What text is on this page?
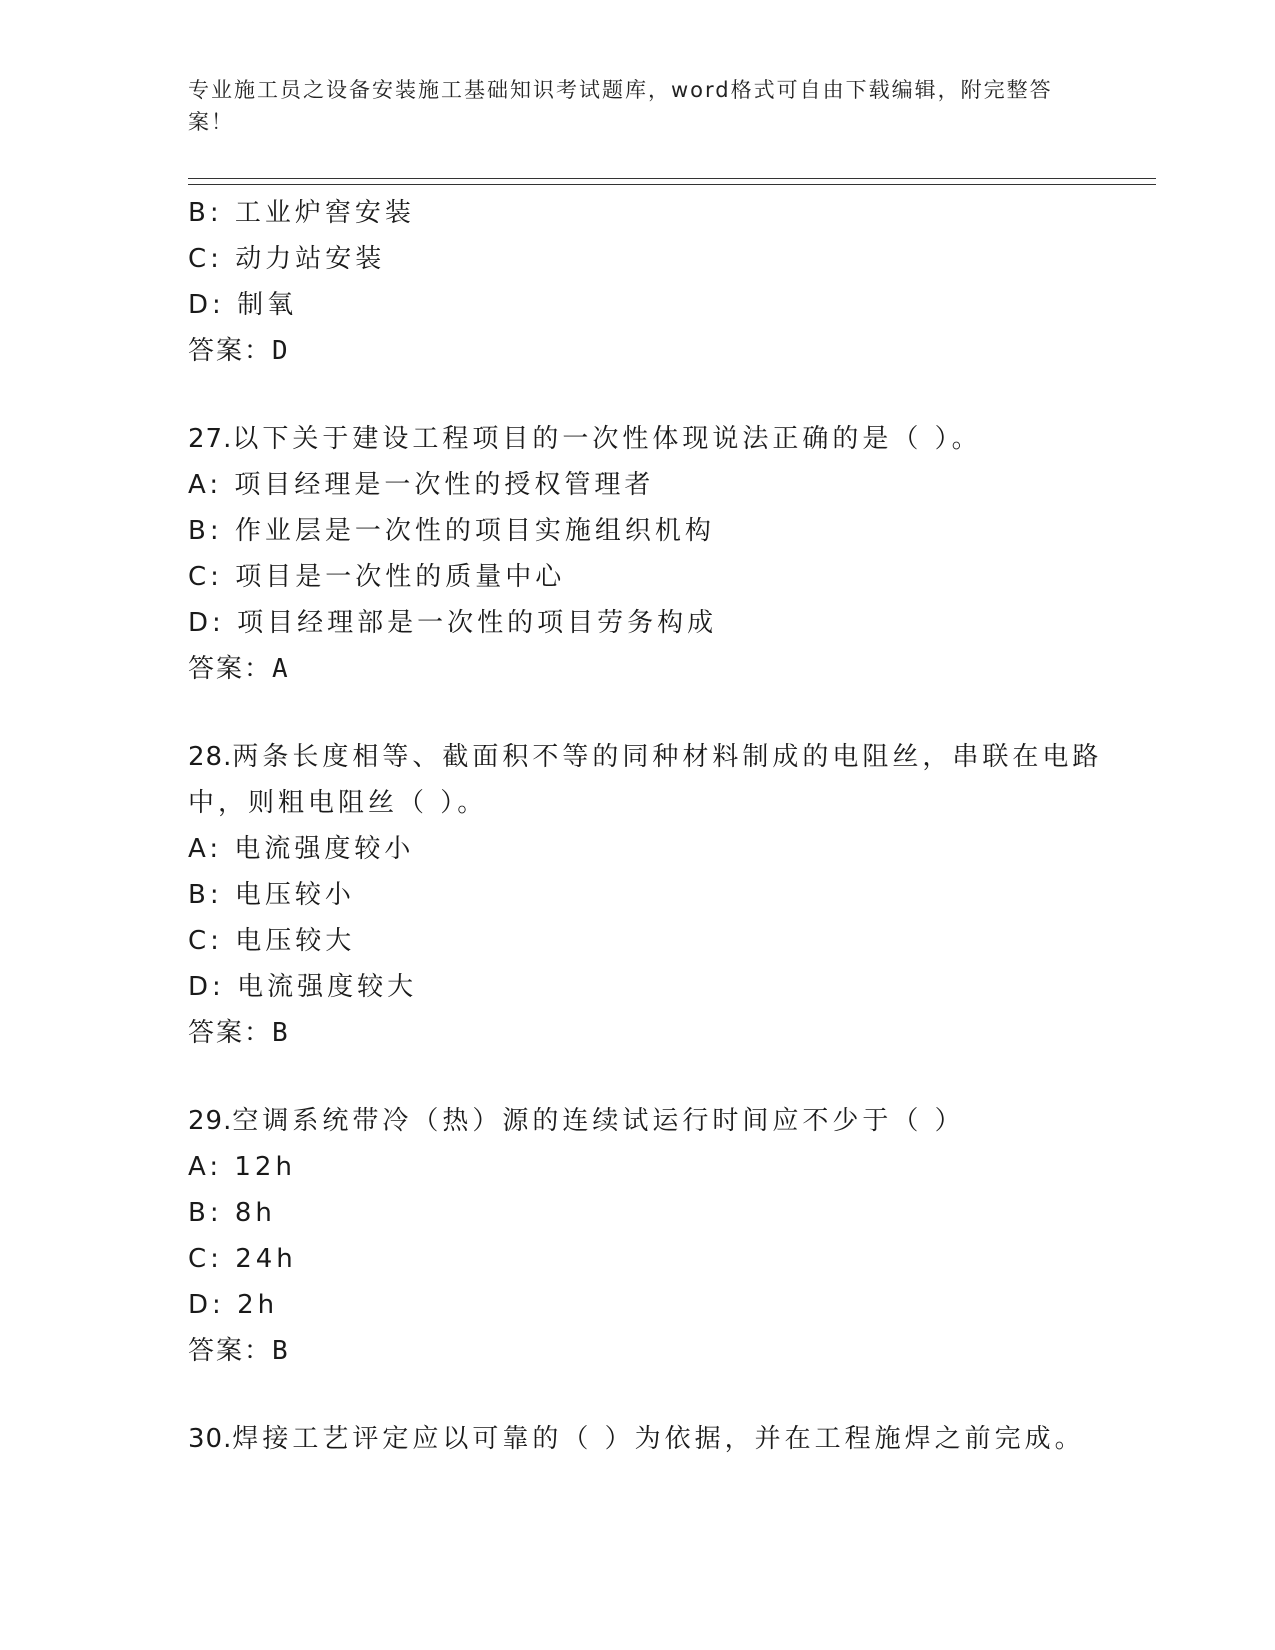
专业施工员之设备安装施工基础知识考试题库，word格式可自由下载编辑，附完整答案！
B: 工业炉窖安装
C: 动力站安装
D: 制氧
答案：D
27.以下关于建设工程项目的一次性体现说法正确的是（ ）。
A: 项目经理是一次性的授权管理者
B: 作业层是一次性的项目实施组织机构
C: 项目是一次性的质量中心
D: 项目经理部是一次性的项目劳务构成
答案：A
28.两条长度相等、截面积不等的同种材料制成的电阻丝，串联在电路
中，则粗电阻丝（ ）。
A: 电流强度较小
B: 电压较小
C: 电压较大
D: 电流强度较大
答案：B
29.空调系统带冷（热）源的连续试运行时间应不少于（ ）
A: 12h
B: 8h
C: 24h
D: 2h
答案：B
30.焊接工艺评定应以可靠的（ ）为依据，并在工程施焊之前完成。
